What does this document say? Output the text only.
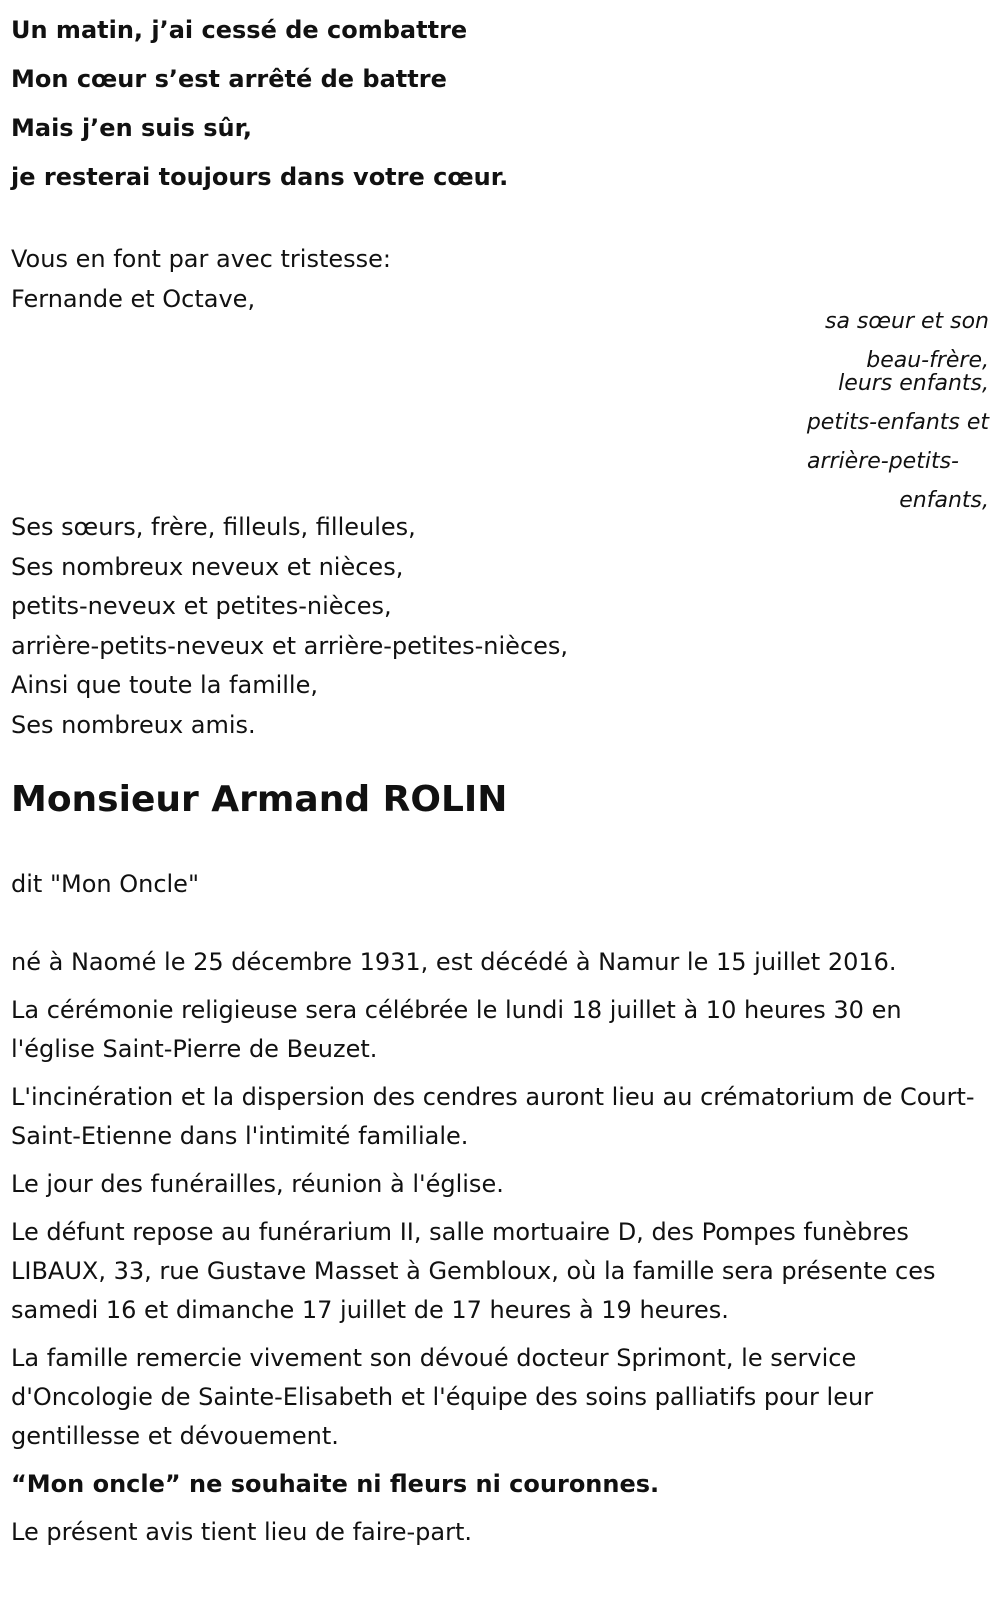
Un matin, j’ai cessé de combattre
Mon cœur s’est arrêté de battre
Mais j’en suis sûr,
je resterai toujours dans votre cœur.
Vous en font par avec tristesse:
Fernande et Octave,
sa sœur et son
beau-frère,
leurs enfants,
petits-enfants et
arrière-petits-
enfants,
Ses sœurs, frère, filleuls, filleules,
Ses nombreux neveux et nièces,
petits-neveux et petites-nièces,
arrière-petits-neveux et arrière-petites-nièces,
Ainsi que toute la famille,
Ses nombreux amis.
Monsieur Armand ROLIN
dit "Mon Oncle"

né à Naomé le 25 décembre 1931, est décédé à Namur le 15 juillet 2016.

La cérémonie religieuse sera célébrée le lundi 18 juillet à 10 heures 30 en l'église Saint-Pierre de Beuzet.

L'incinération et la dispersion des cendres auront lieu au crématorium de Court-Saint-Etienne dans l'intimité familiale.

Le jour des funérailles, réunion à l'église.

Le défunt repose au funérarium II, salle mortuaire D, des Pompes funèbres LIBAUX, 33, rue Gustave Masset à Gembloux, où la famille sera présente ces samedi 16 et dimanche 17 juillet de 17 heures à 19 heures.

La famille remercie vivement son dévoué docteur Sprimont, le service d'Oncologie de Sainte-Elisabeth et l'équipe des soins palliatifs pour leur gentillesse et dévouement.

“Mon oncle” ne souhaite ni fleurs ni couronnes.

Le présent avis tient lieu de faire-part.
